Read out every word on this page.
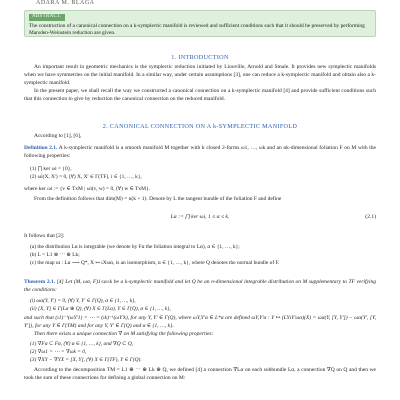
ADARA M. BLAGA
ABSTRACT.
The construction of a canonical connection on a k-symplectic manifold is reviewed and sufficient conditions such that it should be preserved by performing Marsden-Weinstein reduction are given.
1. INTRODUCTION
An important result in geometric mechanics is the symplectic reduction initiated by Liouville, Arnold and Smale. It provides new symplectic manifolds when we have symmetries on the initial manifold. In a similar way, under certain assumptions [3], one can reduce a k-symplectic manifold and obtain also a k-symplectic manifold.
In the present paper, we shall recall the way we constructed a canonical connection on a k-symplectic manifold [4] and provide sufficient conditions such that this connection to give by reduction the canonical connection on the reduced manifold.
2. CANONICAL CONNECTION ON A k-SYMPLECTIC MANIFOLD
According to [1], [6],
Definition 2.1. A k-symplectic manifold is a smooth manifold M together with k closed 2-forms ω1, …, ωk and an nk-dimensional foliation F on M with the following properties:
(1) ⋂ ker ωi = {0},
(2) ωi(X, X') = 0, (∀) X, X' ∈ Γ(TF), i ∈ {1, …, k},
where ker ωi := {v ∈ TxM | ωi(v, w) = 0, (∀) w ∈ TxM}.
From the definition follows that dim(M) = n(k + 1). Denote by L the tangent bundle of the foliation F and define
Lα := ⋂ ker ωi, 1 ≤ α ≤ k.	(2.1)
It follows that [2]:
(a) the distribution Lα is integrable (we denote by Fα the foliation integral to Lα), α ∈ {1, …, k};
(b) L = L1 ⊕ ⋯ ⊕ Lk;
(c) the map ια : Lα ⟶ Q*, X ↦ ιXωα, is an isomorphism, α ∈ {1, …, k}, where Q denotes the normal bundle of F.
Theorem 2.1. [4] Let (M, ωα, F)1≤α≤k be a k-symplectic manifold and let Q be an n-dimensional integrable distribution on M supplementary to TF verifying the conditions:
(i) ωα(Y, Y') = 0, (∀) Y, Y' ∈ Γ(Q), α ∈ {1, …, k},
(ii) [X, Y] ∈ Γ(Lα ⊕ Q), (∀) X ∈ Γ(Lα), Y ∈ Γ(Q), α ∈ {1, …, k},
and such that (ι1)⁻¹(ωY'1) = ⋯ = (ιk)⁻¹(ωY'k), for any Y, Y' ∈ Γ(Q), where ωY,Y'α ∈ L*α are defined ωY,Y'α : Y ↦ (LYιY'ωα)(X) = ωα(Y, [Y, Y']) − ωα(Y', [Y, Y']), for any Y ∈ Γ(TM) and for any Y, Y' ∈ Γ(Q) and α ∈ {1, …, k}.
Then there exists a unique connection ∇ on M satisfying the following properties:
(1) ∇Fα ⊂ Fα, (∀) α ∈ {1, …, k}, and ∇Q ⊂ Q,
(2) ∇ω1 = ⋯ = ∇ωk = 0,
(3) ∇XY − ∇YX = [X, Y], (∀) X ∈ Γ(TF), Y ∈ Γ(Q).
According to the decomposition TM = L1 ⊕ ⋯ ⊕ Lk ⊕ Q, we defined [4] a connection ∇Lα on each subbundle Lα, a connection ∇Q on Q and then we took the sum of these connections for defining a global connection on M:
